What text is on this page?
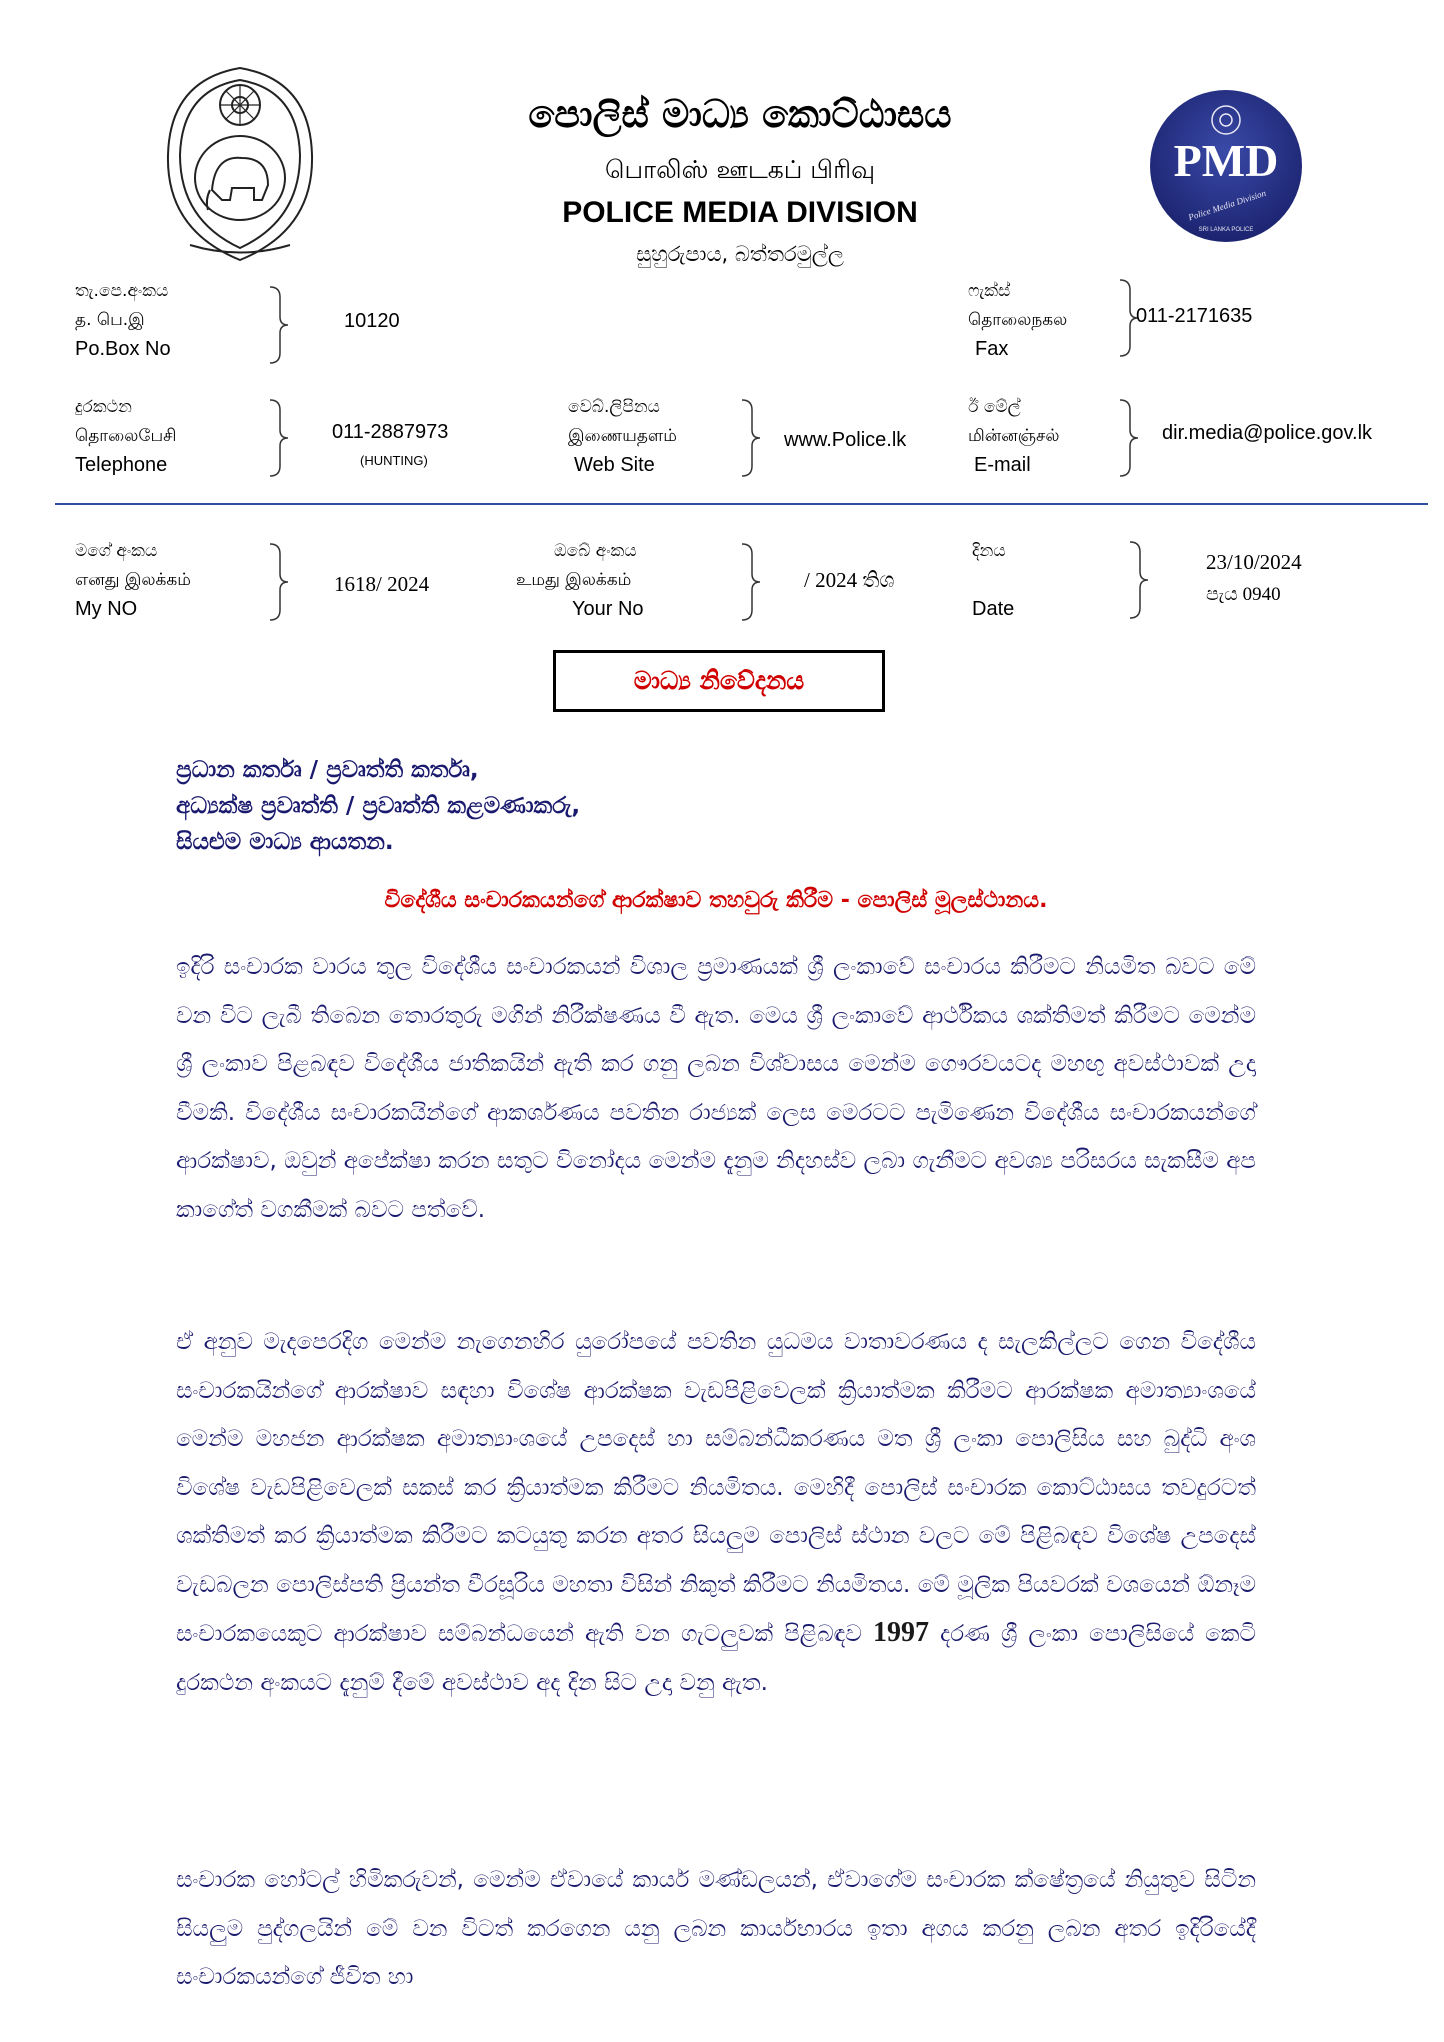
පොලිස් මාධ්‍ය කොට්ඨාසය
பொலிஸ் ஊடகப் பிரிவு
POLICE MEDIA DIVISION
සුහුරුපාය, බත්තරමුල්ල
PMD
Police Media Division
SRI LANKA POLICE
තැ.පෙ.අංකය
த. பெ.இ
Po.Box No
10120
ෆැක්ස්
தொலைநகல
Fax
011-2171635
දුරකථන
தொலைபேசி
Telephone
011-2887973
(HUNTING)
වෙබ්.ලිපිනය
இணையதளம்
Web Site
www.Police.lk
ඊ මේල්
மின்னஞ்சல்
E-mail
dir.media@police.gov.lk
මගේ අංකය
எனது இலக்கம்
My NO
1618/ 2024
ඔබේ අංකය
உமது இலக்கம்
Your No
/ 2024 තිශ
දිනය

Date
23/10/2024
පැය 0940
මාධ්‍ය නිවේදනය
ප්‍රධාන කර්තෘ / ප්‍රවෘත්ති කර්තෘ,
අධ්‍යක්ෂ ප්‍රවෘත්ති / ප්‍රවෘත්ති කළමණාකරු,
සියළුම මාධ්‍ය ආයතන.
විදේශීය සංචාරකයන්ගේ ආරක්ෂාව තහවුරු කිරීම - පොලිස් මූලස්ථානය.
ඉදිරි සංචාරක වාරය තුල විදේශීය සංචාරකයන් විශාල ප්‍රමාණයක් ශ්‍රී ලංකාවේ සංචාරය කිරීමට නියමිත බවට මේ වන විට ලැබී තිබෙන තොරතුරු මගින් නිරීක්ෂණය වී ඇත. මෙය ශ්‍රී ලංකාවේ ආර්ථිකය ශක්තිමත් කිරීමට මෙන්ම ශ්‍රී ලංකාව පිළබඳව විදේශීය ජාතිකයින් ඇති කර ගනු ලබන විශ්වාසය මෙන්ම ගෞරවයටද මහඟු අවස්ථාවක් උදා වීමකි. විදේශීය සංචාරකයින්ගේ ආකර්ශණය පවතින රාජ්‍යක් ලෙස මෙරටට පැමිණෙන විදේශීය සංචාරකයන්ගේ ආරක්ෂාව, ඔවුන් අපේක්ෂා කරන සතුට විනෝදය මෙන්ම දැනුම නිදහස්ව ලබා ගැනීමට අවශ්‍ය පරිසරය සැකසීම අප කාගේත් වගකීමක් බවට පත්වේ.
ඒ අනුව මැදපෙරදිග මෙන්ම නැගෙනහිර යුරෝපයේ පවතින යුධමය වාතාවරණය ද සැලකිල්ලට ගෙන විදේශීය සංචාරකයින්ගේ ආරක්ෂාව සඳහා විශේෂ ආරක්ෂක වැඩපිළිවෙලක් ක්‍රියාත්මක කිරීමට ආරක්ෂක අමාත්‍යාංශයේ මෙන්ම මහජන ආරක්ෂක අමාත්‍යාංශයේ උපදෙස් හා සම්බන්ධීකරණය මත ශ්‍රී ලංකා පොලිසිය සහ බුද්ධි අංශ විශේෂ වැඩපිළිවෙලක් සකස් කර ක්‍රියාත්මක කිරීමට නියමිතය. මෙහිදී පොලිස් සංචාරක කොට්ඨාසය තවදුරටත් ශක්තිමත් කර ක්‍රියාත්මක කිරීමට කටයුතු කරන අතර සියලුම පොලිස් ස්ථාන වලට මේ පිළිබඳව විශේෂ උපදෙස් වැඩබලන පොලිස්පති ප්‍රියන්ත වීරසූරිය මහතා විසින් නිකුත් කිරීමට නියමිතය. මේ මූලික පියවරක් වශයෙන් ඕනෑම සංචාරකයෙකුට ආරක්ෂාව සම්බන්ධයෙන් ඇති වන ගැටලුවක් පිළිබඳව 1997 දරණ ශ්‍රී ලංකා පොලිසියේ කෙටි දුරකථන අංකයට දැනුම් දීමේ අවස්ථාව අද දින සිට උදා වනු ඇත.
සංචාරක හෝටල් හිමිකරුවන්, මෙන්ම ඒවායේ කාර්ය මණ්ඩලයන්, ඒවාගේම සංචාරක ක්ෂේත්‍රයේ නියුතුව සිටින සියලුම පුද්ගලයින් මේ වන විටත් කරගෙන යනු ලබන කාර්යභාරය ඉතා අගය කරනු ලබන අතර ඉදිරියේදී සංචාරකයන්ගේ ජීවිත හා
